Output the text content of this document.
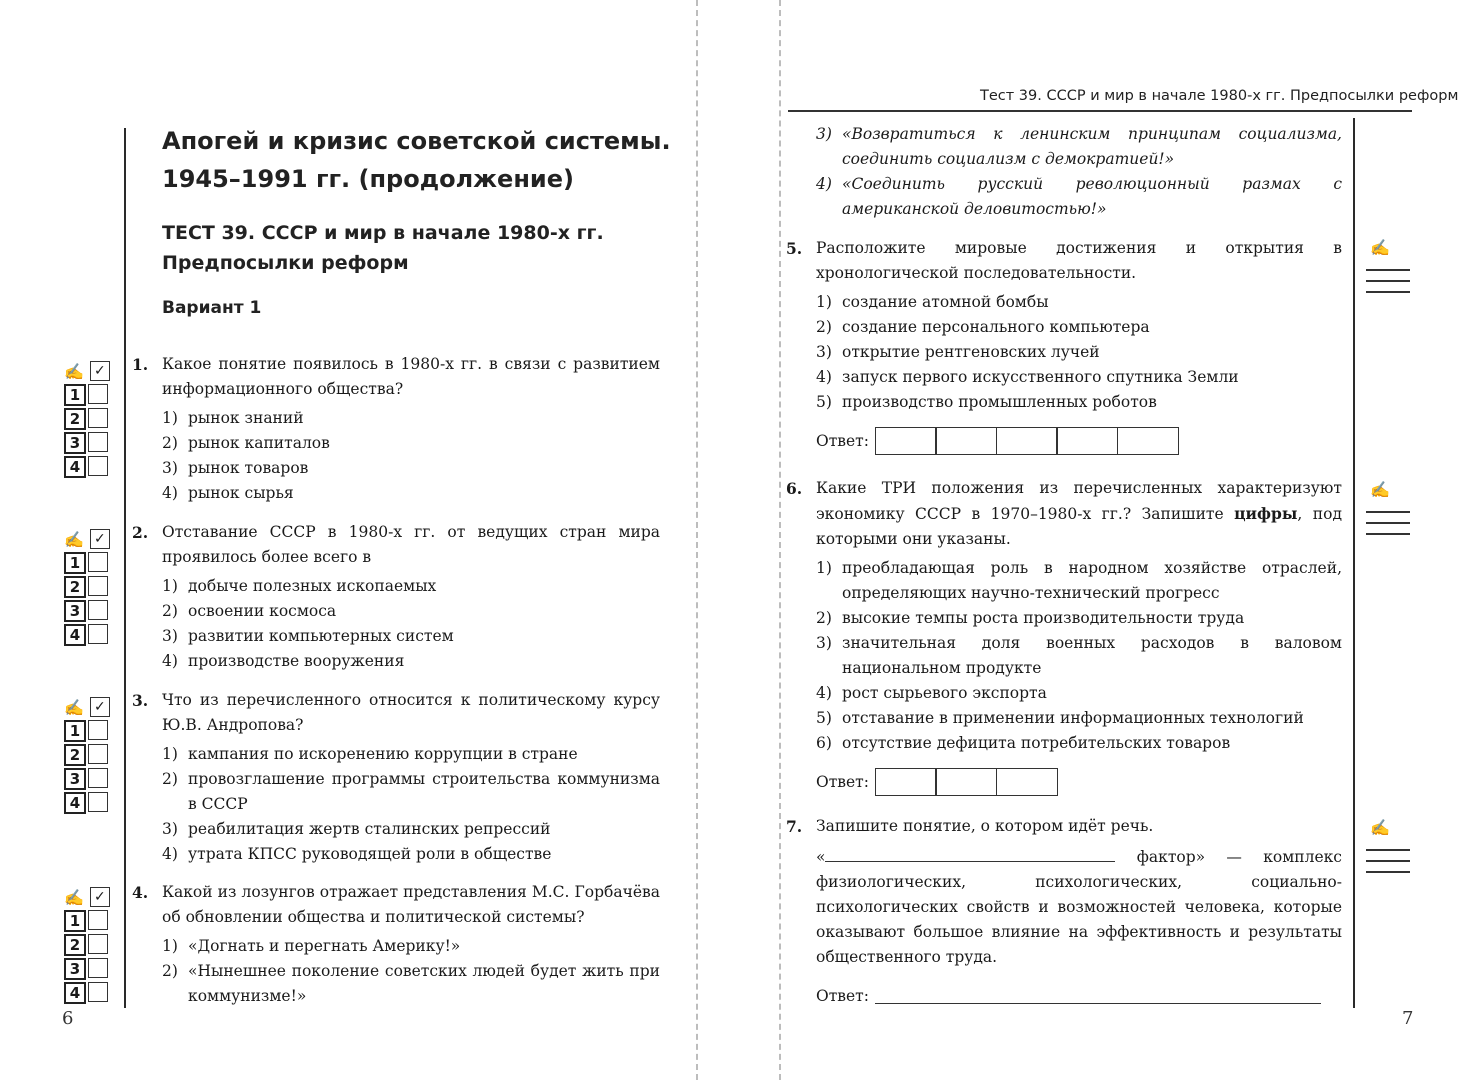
Апогей и кризис советской системы.
1945–1991 гг. (продолжение)
ТЕСТ 39. СССР и мир в начале 1980-х гг.
Предпосылки реформ
Вариант 1
✍ ✓
1
2
3
4
1. Какое понятие появилось в 1980-х гг. в связи с развитием информационного общества?
1) рынок знаний
2) рынок капиталов
3) рынок товаров
4) рынок сырья
✍ ✓
1
2
3
4
2. Отставание СССР в 1980-х гг. от ведущих стран мира проявилось более всего в
1) добыче полезных ископаемых
2) освоении космоса
3) развитии компьютерных систем
4) производстве вооружения
✍ ✓
1
2
3
4
3. Что из перечисленного относится к политическому курсу Ю.В. Андропова?
1) кампания по искоренению коррупции в стране
2) провозглашение программы строительства коммунизма в СССР
3) реабилитация жертв сталинских репрессий
4) утрата КПСС руководящей роли в обществе
✍ ✓
1
2
3
4
4. Какой из лозунгов отражает представления М.С. Горбачёва об обновлении общества и политической системы?
1) «Догнать и перегнать Америку!»
2) «Нынешнее поколение советских людей будет жить при коммунизме!»
6
Тест 39. СССР и мир в начале 1980-х гг. Предпосылки реформ
3) «Возвратиться к ленинским принципам социализма, соединить социализм с демократией!»
4) «Соединить русский революционный размах с американской деловитостью!»
5. Расположите мировые достижения и открытия в хронологической последовательности.
1) создание атомной бомбы
2) создание персонального компьютера
3) открытие рентгеновских лучей
4) запуск первого искусственного спутника Земли
5) производство промышленных роботов
Ответ:
✍
6. Какие ТРИ положения из перечисленных характеризуют экономику СССР в 1970–1980-х гг.? Запишите цифры, под которыми они указаны.
1) преобладающая роль в народном хозяйстве отраслей, определяющих научно-технический прогресс
2) высокие темпы роста производительности труда
3) значительная доля военных расходов в валовом национальном продукте
4) рост сырьевого экспорта
5) отставание в применении информационных технологий
6) отсутствие дефицита потребительских товаров
Ответ:
✍
7. Запишите понятие, о котором идёт речь.
«	фактор» — комплекс физиологических, психологических, социально-психологических свойств и возможностей человека, которые оказывают большое влияние на эффективность и результаты общественного труда.
Ответ:
✍
7
